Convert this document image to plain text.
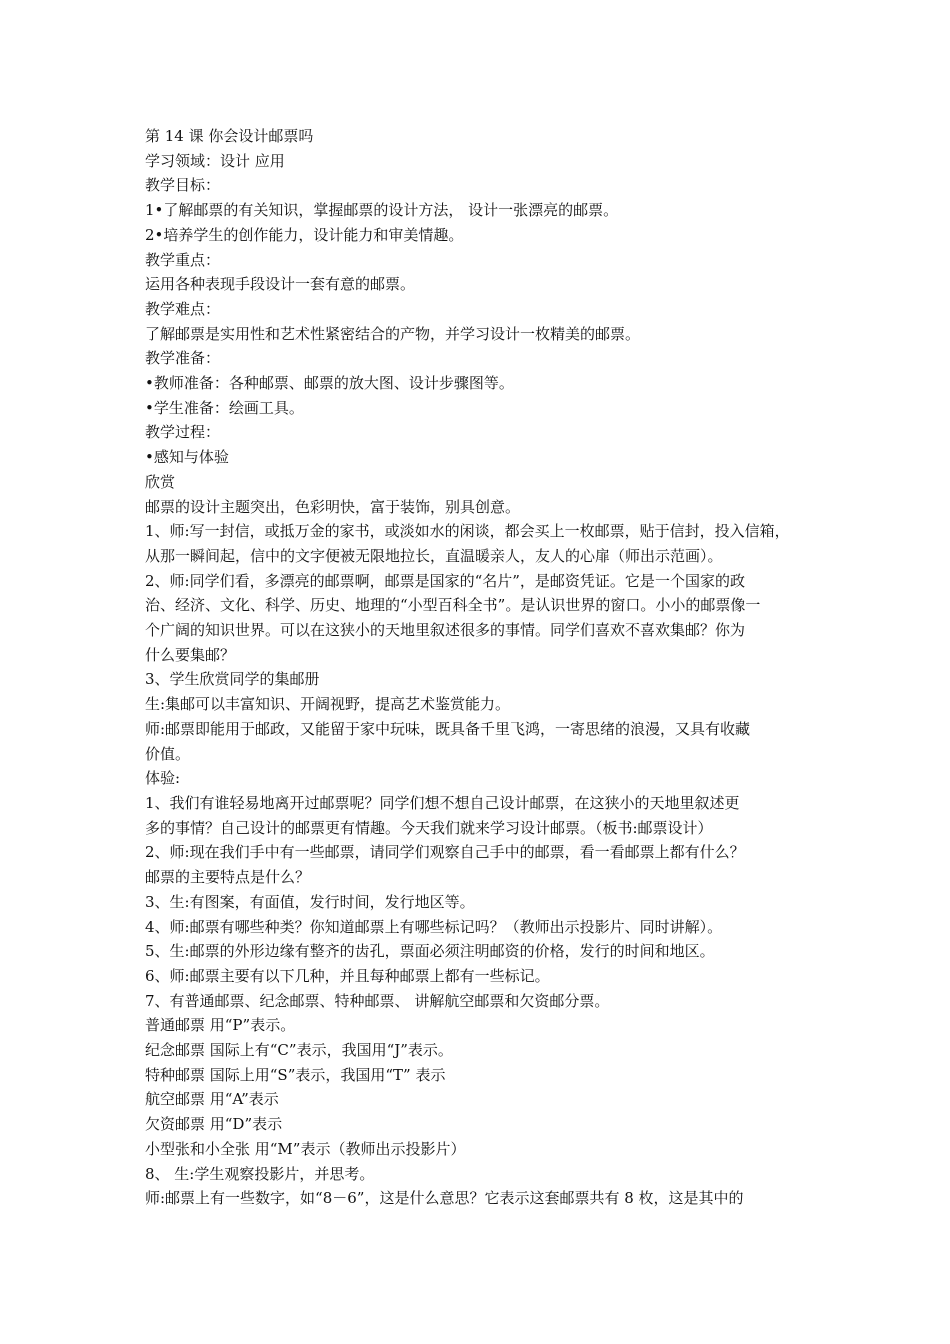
第 14 课 你会设计邮票吗
学习领域：设计 应用
教学目标：
1•了解邮票的有关知识，掌握邮票的设计方法， 设计一张漂亮的邮票。
2•培养学生的创作能力，设计能力和审美情趣。
教学重点：
运用各种表现手段设计一套有意的邮票。
教学难点：
了解邮票是实用性和艺术性紧密结合的产物，并学习设计一枚精美的邮票。
教学准备：
•教师准备：各种邮票、邮票的放大图、设计步骤图等。
•学生准备：绘画工具。
教学过程：
•感知与体验
欣赏
邮票的设计主题突出，色彩明快，富于装饰，别具创意。
1、师:写一封信，或抵万金的家书，或淡如水的闲谈，都会买上一枚邮票，贴于信封，投入信箱，
从那一瞬间起，信中的文字便被无限地拉长，直温暖亲人，友人的心扉（师出示范画）。
2、师:同学们看，多漂亮的邮票啊，邮票是国家的“名片”，是邮资凭证。它是一个国家的政
治、经济、文化、科学、历史、地理的“小型百科全书”。是认识世界的窗口。小小的邮票像一
个广阔的知识世界。可以在这狭小的天地里叙述很多的事情。同学们喜欢不喜欢集邮？你为
什么要集邮？
3、学生欣赏同学的集邮册
生:集邮可以丰富知识、开阔视野，提高艺术鉴赏能力。
师:邮票即能用于邮政，又能留于家中玩味，既具备千里飞鸿，一寄思绪的浪漫，又具有收藏
价值。
体验:
1、我们有谁轻易地离开过邮票呢？同学们想不想自己设计邮票，在这狭小的天地里叙述更
多的事情？自己设计的邮票更有情趣。今天我们就来学习设计邮票。（板书:邮票设计）
2、师:现在我们手中有一些邮票，请同学们观察自己手中的邮票，看一看邮票上都有什么？
邮票的主要特点是什么？
3、生:有图案，有面值，发行时间，发行地区等。
4、师:邮票有哪些种类？你知道邮票上有哪些标记吗？（教师出示投影片、同时讲解）。
5、生:邮票的外形边缘有整齐的齿孔，票面必须注明邮资的价格，发行的时间和地区。
6、师:邮票主要有以下几种，并且每种邮票上都有一些标记。
7、有普通邮票、纪念邮票、特种邮票、 讲解航空邮票和欠资邮分票。
普通邮票 用“P”表示。
纪念邮票 国际上有“C”表示，我国用“J”表示。
特种邮票 国际上用“S”表示，我国用“T” 表示
航空邮票 用“A”表示
欠资邮票 用“D”表示
小型张和小全张 用“M”表示（教师出示投影片）
8、 生:学生观察投影片，并思考。
师:邮票上有一些数字，如“8－6”，这是什么意思？它表示这套邮票共有 8 枚，这是其中的
